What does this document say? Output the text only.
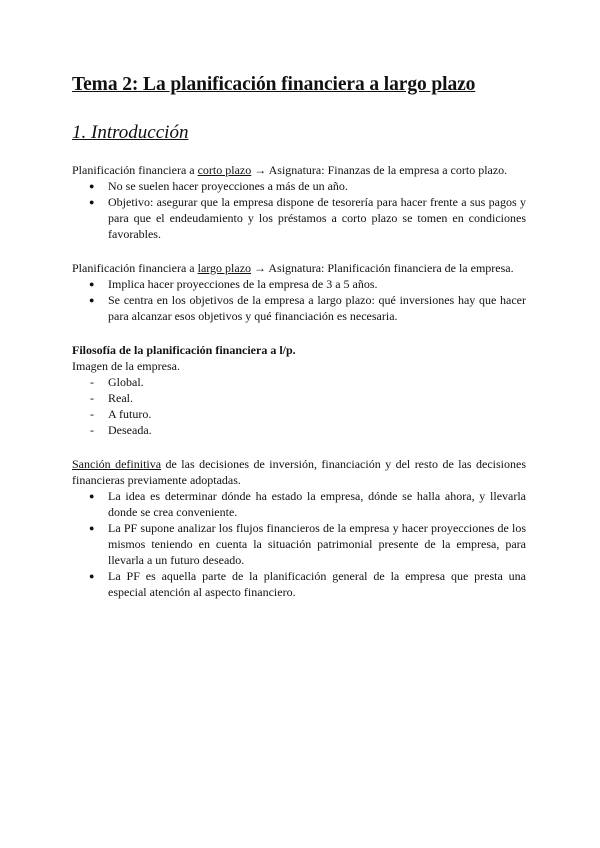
Tema 2: La planificación financiera a largo plazo
1. Introducción

Planificación financiera a corto plazo → Asignatura: Finanzas de la empresa a corto plazo.

● No se suelen hacer proyecciones a más de un año.
● Objetivo: asegurar que la empresa dispone de tesorería para hacer frente a sus pagos y para que el endeudamiento y los préstamos a corto plazo se tomen en condiciones favorables.

Planificación financiera a largo plazo → Asignatura: Planificación financiera de la empresa.

● Implica hacer proyecciones de la empresa de 3 a 5 años.
● Se centra en los objetivos de la empresa a largo plazo: qué inversiones hay que hacer para alcanzar esos objetivos y qué financiación es necesaria.

Filosofía de la planificación financiera a l/p.

Imagen de la empresa.

- Global.
- Real.
- A futuro.
- Deseada.

Sanción definitiva de las decisiones de inversión, financiación y del resto de las decisiones financieras previamente adoptadas.

● La idea es determinar dónde ha estado la empresa, dónde se halla ahora, y llevarla donde se crea conveniente.
● La PF supone analizar los flujos financieros de la empresa y hacer proyecciones de los mismos teniendo en cuenta la situación patrimonial presente de la empresa, para llevarla a un futuro deseado.
● La PF es aquella parte de la planificación general de la empresa que presta una especial atención al aspecto financiero.
